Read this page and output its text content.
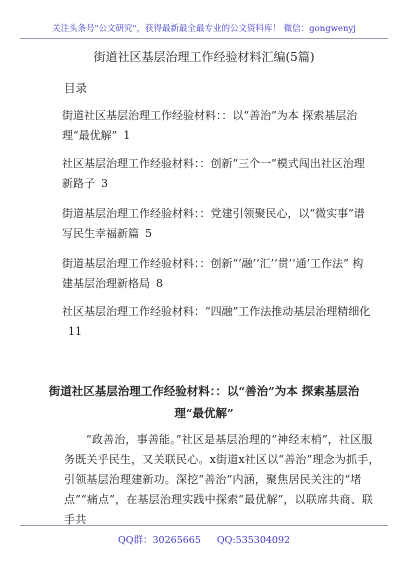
关注头条号"公文研究"，获得最新最全最专业的公文资料库！ 微信：gongwenyj
街道社区基层治理工作经验材料汇编(5篇)
目录
街道社区基层治理工作经验材料：：以“善治”为本 探索基层治理“最优解” 1
社区基层治理工作经验材料：：创新“三个一”模式闯出社区治理新路子 3
街道基层治理工作经验材料：：党建引领聚民心，以“微实事”谱写民生幸福新篇 5
街道基层治理工作经验材料：：创新“‘融’‘汇’‘贯’‘通’工作法” 构建基层治理新格局 8
社区基层治理工作经验材料：“四融”工作法推动基层治理精细化11
街道社区基层治理工作经验材料：：以“善治”为本 探索基层治理“最优解”
“政善治，事善能。”社区是基层治理的“神经末梢”，社区服务既关乎民生，又关联民心。x街道x社区以“善治”理念为抓手，引领基层治理建新功。深挖“善治”内涵，聚焦居民关注的“堵点”“痛点”，在基层治理实践中探索“最优解”，以联席共商、联手共
QQ群：30265665 QQ:535304092
